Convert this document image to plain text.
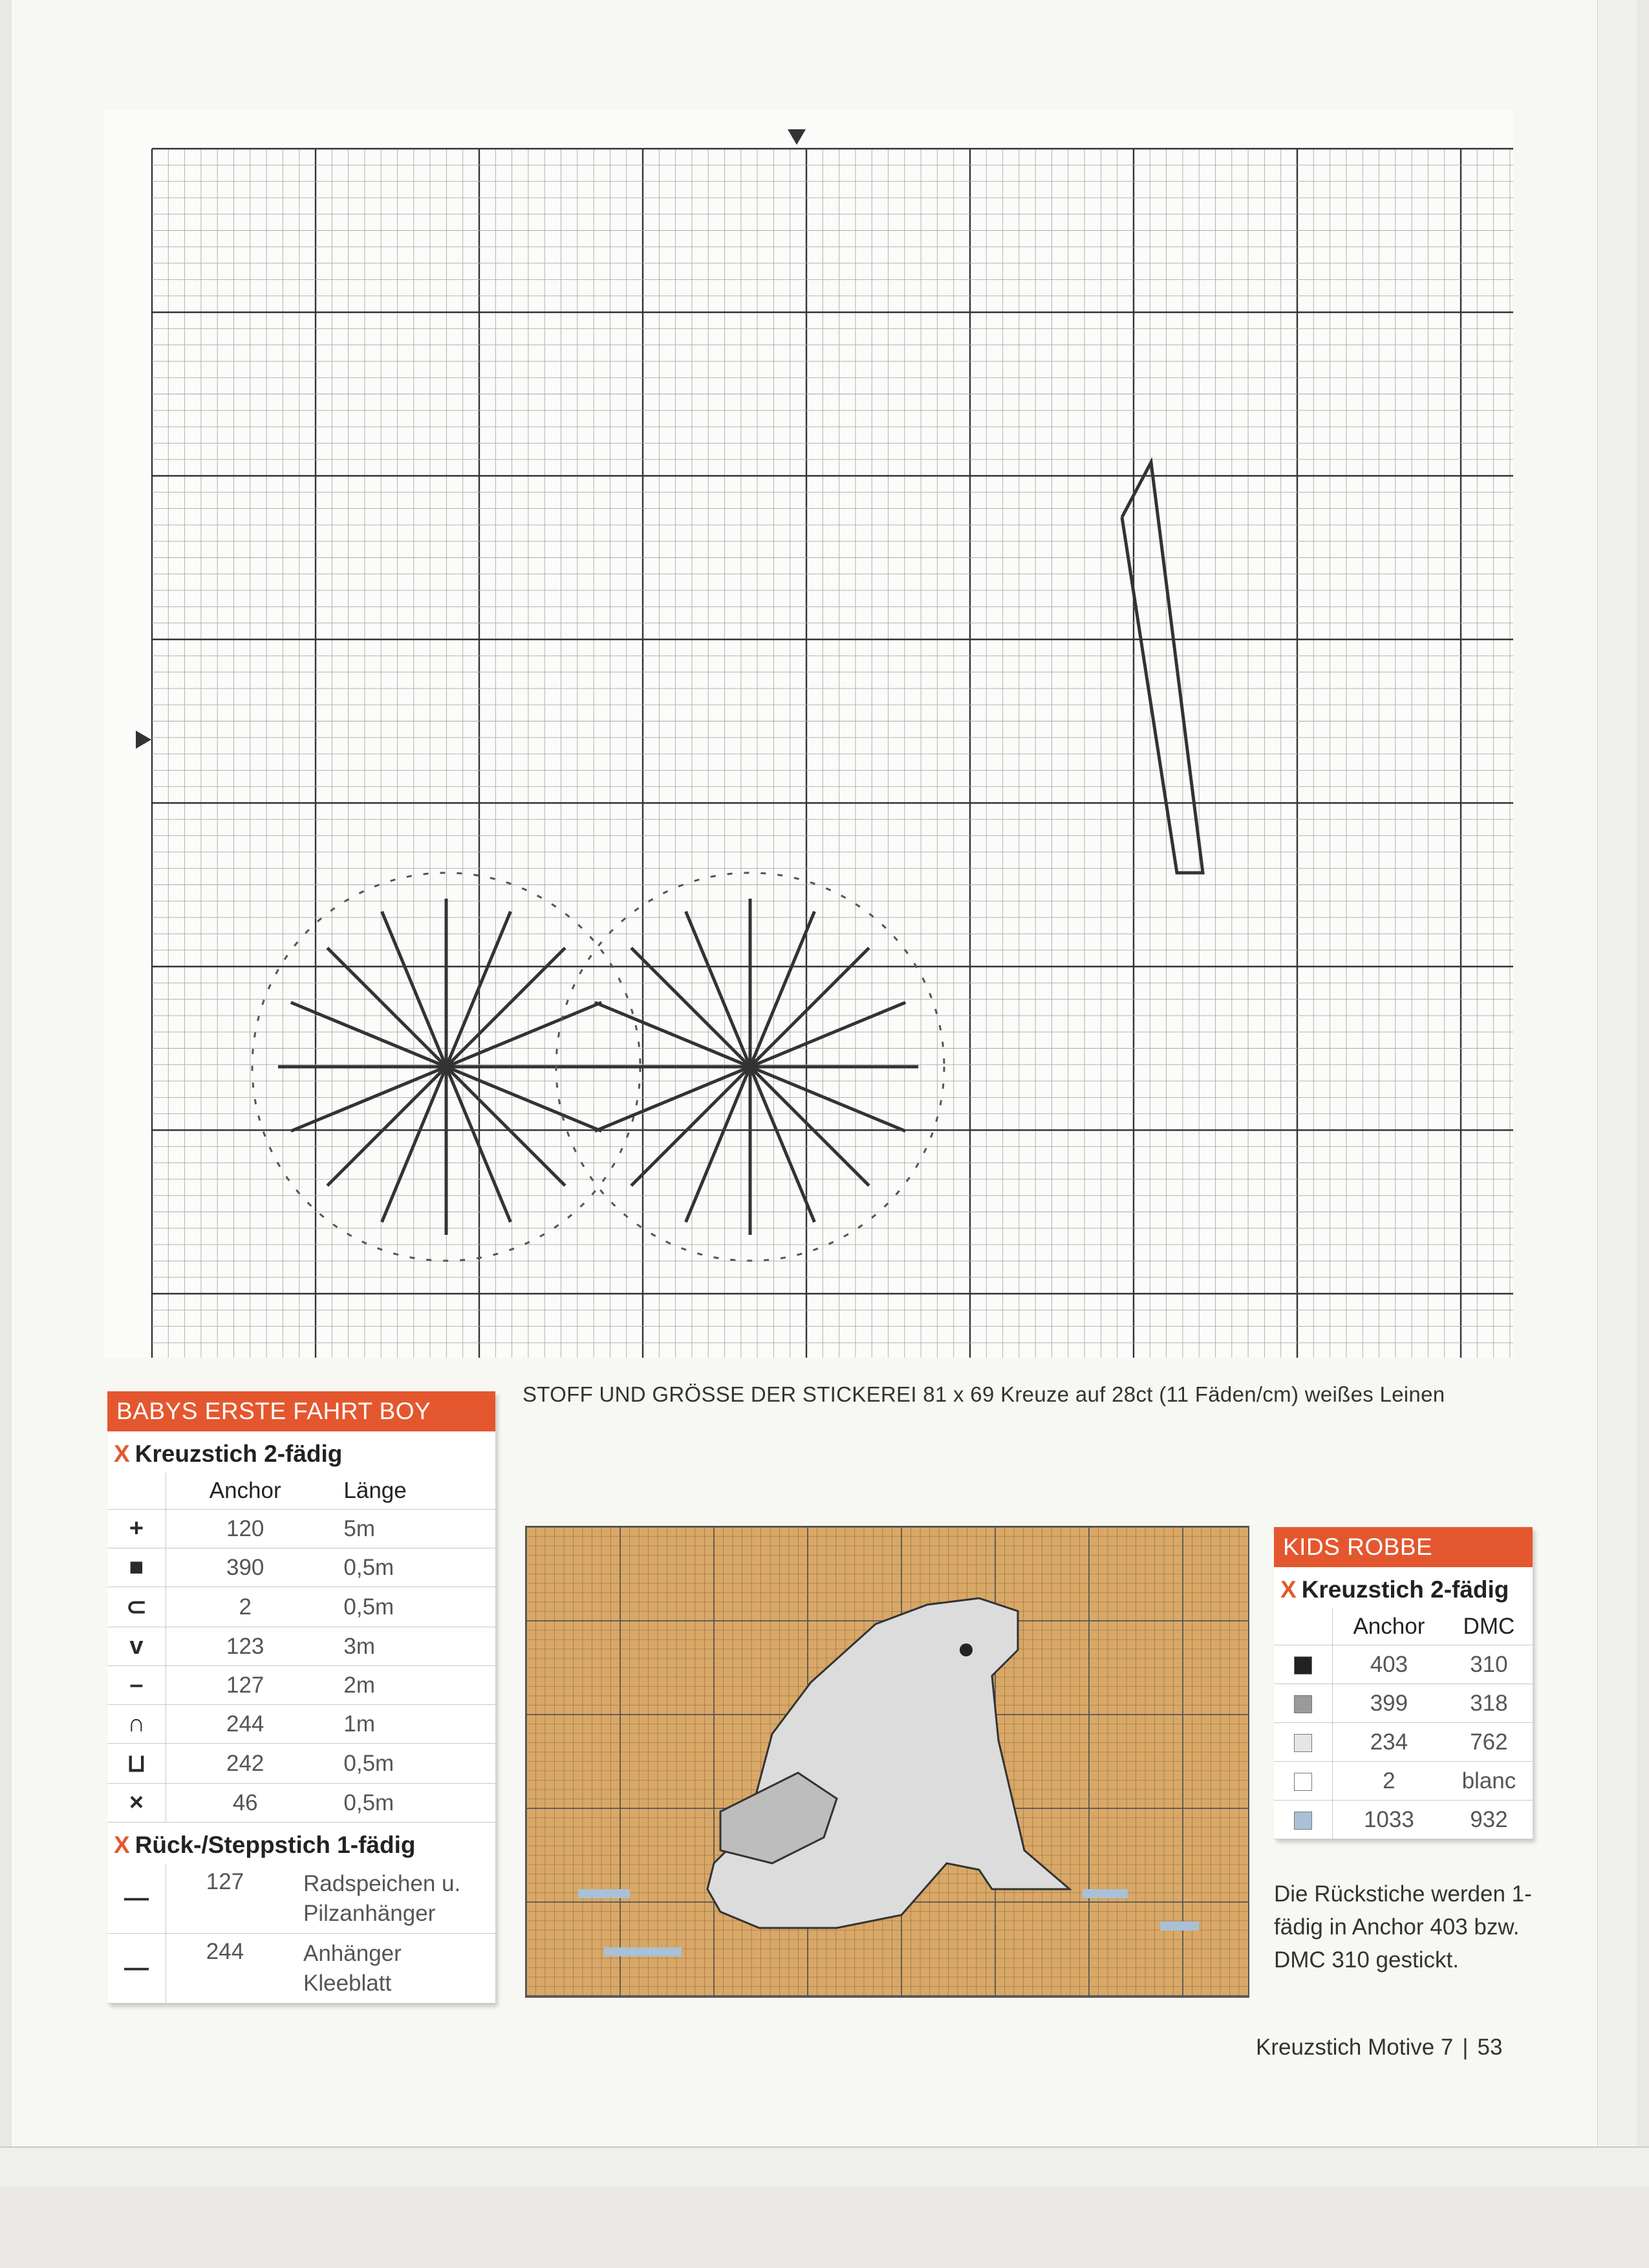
STOFF UND GRÖSSE DER STICKEREI 81 x 69 Kreuze auf 28ct (11 Fäden/cm) weißes Leinen
BABYS ERSTE FAHRT BOY
X Kreuzstich 2-fädig
	Anchor	Länge
+	120	5m
■	390	0,5m
⊂	2	0,5m
v	123	3m
–	127	2m
∩	244	1m
⊔	242	0,5m
×	46	0,5m
X Rück-/Steppstich 1-fädig
—	127	Radspeichen u. Pilzanhänger
—	244	Anhänger Kleeblatt
KIDS ROBBE
X Kreuzstich 2-fädig
	Anchor	DMC
	403	310
	399	318
	234	762
	2	blanc
	1033	932
Die Rückstiche werden 1-fädig in Anchor 403 bzw. DMC 310 gestickt.
Kreuzstich Motive 7 | 53
